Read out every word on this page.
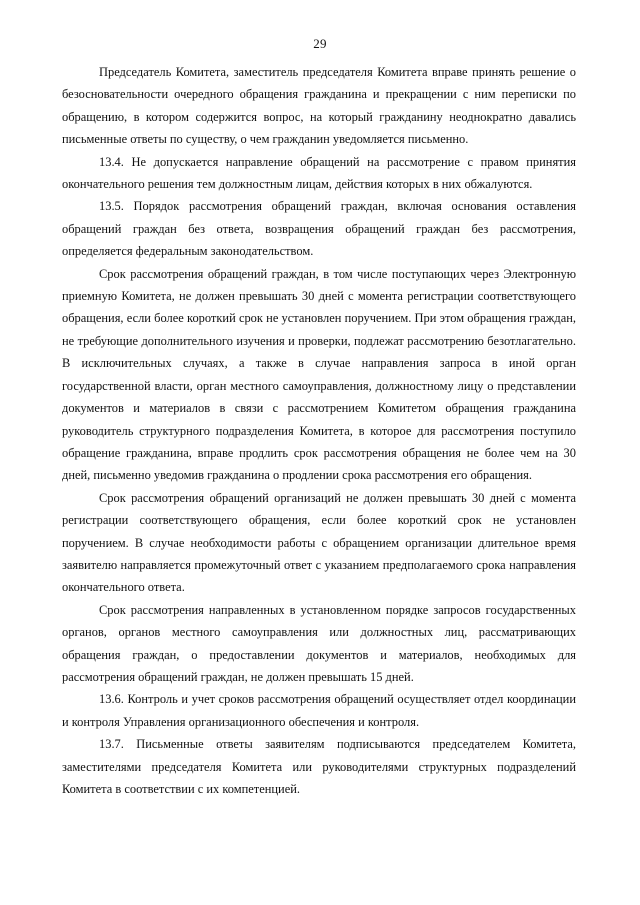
29

Председатель Комитета, заместитель председателя Комитета вправе принять решение о безосновательности очередного обращения гражданина и прекращении с ним переписки по обращению, в котором содержится вопрос, на который гражданину неоднократно давались письменные ответы по существу, о чем гражданин уведомляется письменно.

13.4. Не допускается направление обращений на рассмотрение с правом принятия окончательного решения тем должностным лицам, действия которых в них обжалуются.

13.5. Порядок рассмотрения обращений граждан, включая основания оставления обращений граждан без ответа, возвращения обращений граждан без рассмотрения, определяется федеральным законодательством.

Срок рассмотрения обращений граждан, в том числе поступающих через Электронную приемную Комитета, не должен превышать 30 дней с момента регистрации соответствующего обращения, если более короткий срок не установлен поручением. При этом обращения граждан, не требующие дополнительного изучения и проверки, подлежат рассмотрению безотлагательно. В исключительных случаях, а также в случае направления запроса в иной орган государственной власти, орган местного самоуправления, должностному лицу о представлении документов и материалов в связи с рассмотрением Комитетом обращения гражданина руководитель структурного подразделения Комитета, в которое для рассмотрения поступило обращение гражданина, вправе продлить срок рассмотрения обращения не более чем на 30 дней, письменно уведомив гражданина о продлении срока рассмотрения его обращения.

Срок рассмотрения обращений организаций не должен превышать 30 дней с момента регистрации соответствующего обращения, если более короткий срок не установлен поручением. В случае необходимости работы с обращением организации длительное время заявителю направляется промежуточный ответ с указанием предполагаемого срока направления окончательного ответа.

Срок рассмотрения направленных в установленном порядке запросов государственных органов, органов местного самоуправления или должностных лиц, рассматривающих обращения граждан, о предоставлении документов и материалов, необходимых для рассмотрения обращений граждан, не должен превышать 15 дней.

13.6. Контроль и учет сроков рассмотрения обращений осуществляет отдел координации и контроля Управления организационного обеспечения и контроля.

13.7. Письменные ответы заявителям подписываются председателем Комитета, заместителями председателя Комитета или руководителями структурных подразделений Комитета в соответствии с их компетенцией.
